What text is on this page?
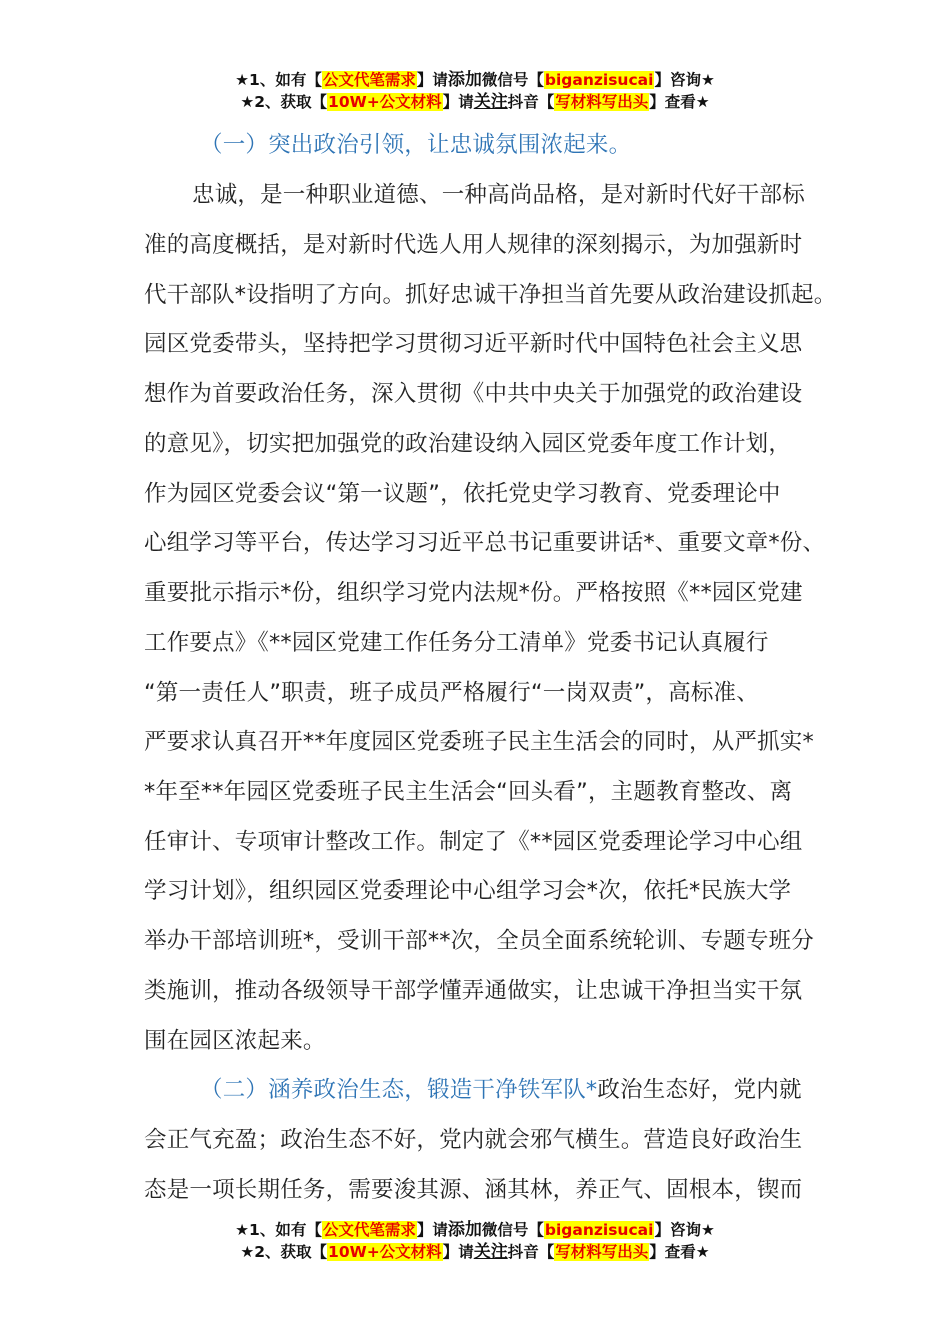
★1、如有【公文代笔需求】请添加微信号【biganzisucai】咨询★
★2、获取【10W+公文材料】请关注抖音【写材料写出头】查看★
（一）突出政治引领，让忠诚氛围浓起来。
忠诚，是一种职业道德、一种高尚品格，是对新时代好干部标
准的高度概括，是对新时代选人用人规律的深刻揭示，为加强新时
代干部队*设指明了方向。抓好忠诚干净担当首先要从政治建设抓起。
园区党委带头，坚持把学习贯彻习近平新时代中国特色社会主义思
想作为首要政治任务，深入贯彻《中共中央关于加强党的政治建设
的意见》，切实把加强党的政治建设纳入园区党委年度工作计划，
作为园区党委会议“第一议题”，依托党史学习教育、党委理论中
心组学习等平台，传达学习习近平总书记重要讲话*、重要文章*份、
重要批示指示*份，组织学习党内法规*份。严格按照《**园区党建
工作要点》《**园区党建工作任务分工清单》党委书记认真履行
“第一责任人”职责，班子成员严格履行“一岗双责”，高标准、
严要求认真召开**年度园区党委班子民主生活会的同时，从严抓实*
*年至**年园区党委班子民主生活会“回头看”，主题教育整改、离
任审计、专项审计整改工作。制定了《**园区党委理论学习中心组
学习计划》，组织园区党委理论中心组学习会*次，依托*民族大学
举办干部培训班*，受训干部**次，全员全面系统轮训、专题专班分
类施训，推动各级领导干部学懂弄通做实，让忠诚干净担当实干氛
围在园区浓起来。
（二）涵养政治生态，锻造干净铁军队*政治生态好，党内就
会正气充盈；政治生态不好，党内就会邪气横生。营造良好政治生
态是一项长期任务，需要浚其源、涵其林，养正气、固根本，锲而
★1、如有【公文代笔需求】请添加微信号【biganzisucai】咨询★
★2、获取【10W+公文材料】请关注抖音【写材料写出头】查看★
